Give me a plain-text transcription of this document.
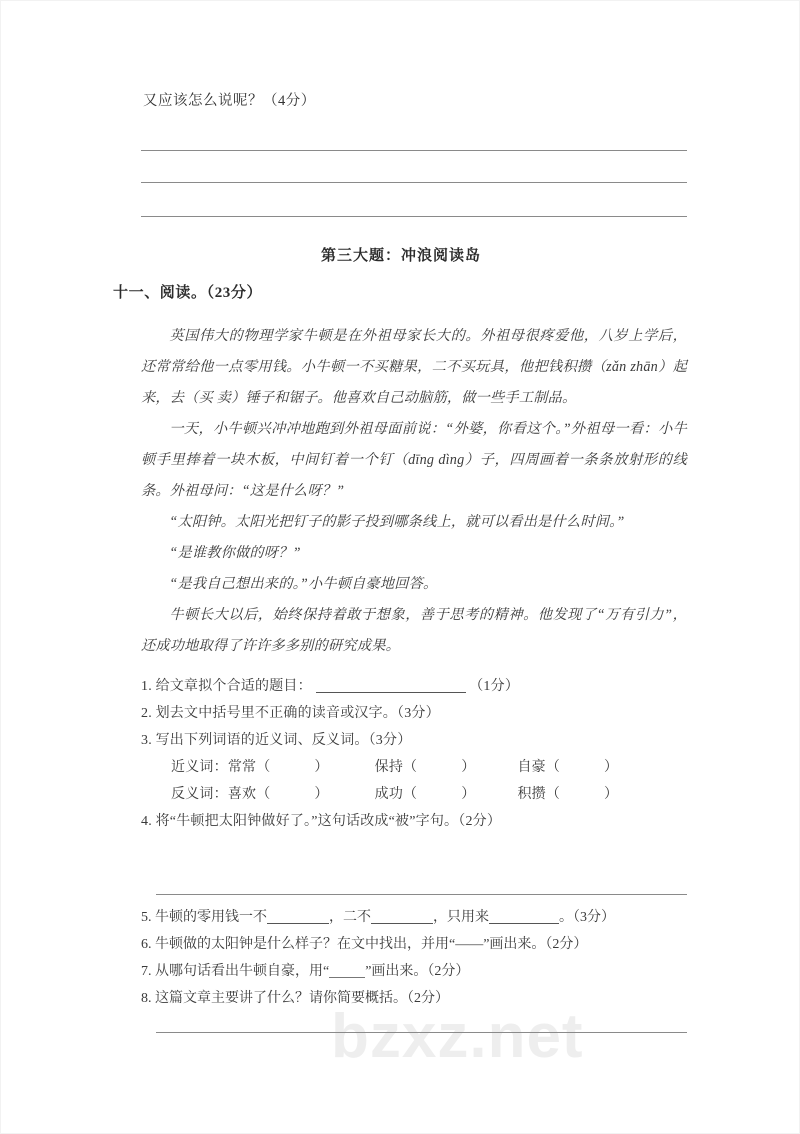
bzxz.net
又应该怎么说呢？（4分）
第三大题：冲浪阅读岛
十一、阅读。（23分）

英国伟大的物理学家牛顿是在外祖母家长大的。外祖母很疼爱他，八岁上学后，还常常给他一点零用钱。小牛顿一不买糖果，二不买玩具，他把钱积攒（zǎn zhān）起来，去（买 卖）锤子和锯子。他喜欢自己动脑筋，做一些手工制品。

一天，小牛顿兴冲冲地跑到外祖母面前说：“外婆，你看这个。”外祖母一看：小牛顿手里捧着一块木板，中间钉着一个钉（dīng dìng）子，四周画着一条条放射形的线条。外祖母问：“这是什么呀？”

“太阳钟。太阳光把钉子的影子投到哪条线上，就可以看出是什么时间。”

“是谁教你做的呀？”

“是我自己想出来的。”小牛顿自豪地回答。

牛顿长大以后，始终保持着敢于想象，善于思考的精神。他发现了“万有引力”，还成功地取得了许许多多别的研究成果。

1. 给文章拟个合适的题目：	（1分）

2. 划去文中括号里不正确的读音或汉字。（3分）

3. 写出下列词语的近义词、反义词。（3分）

近义词：常常（	）	保持（	）	自豪（	）

反义词：喜欢（	）	成功（	）	积攒（	）

4. 将“牛顿把太阳钟做好了。”这句话改成“被”字句。（2分）

5. 牛顿的零用钱一不	，二不	，只用来	。（3分）
6. 牛顿做的太阳钟是什么样子？在文中找出，并用“——”画出来。（2分）
7. 从哪句话看出牛顿自豪，用“	”画出来。（2分）
8. 这篇文章主要讲了什么？请你简要概括。（2分）
